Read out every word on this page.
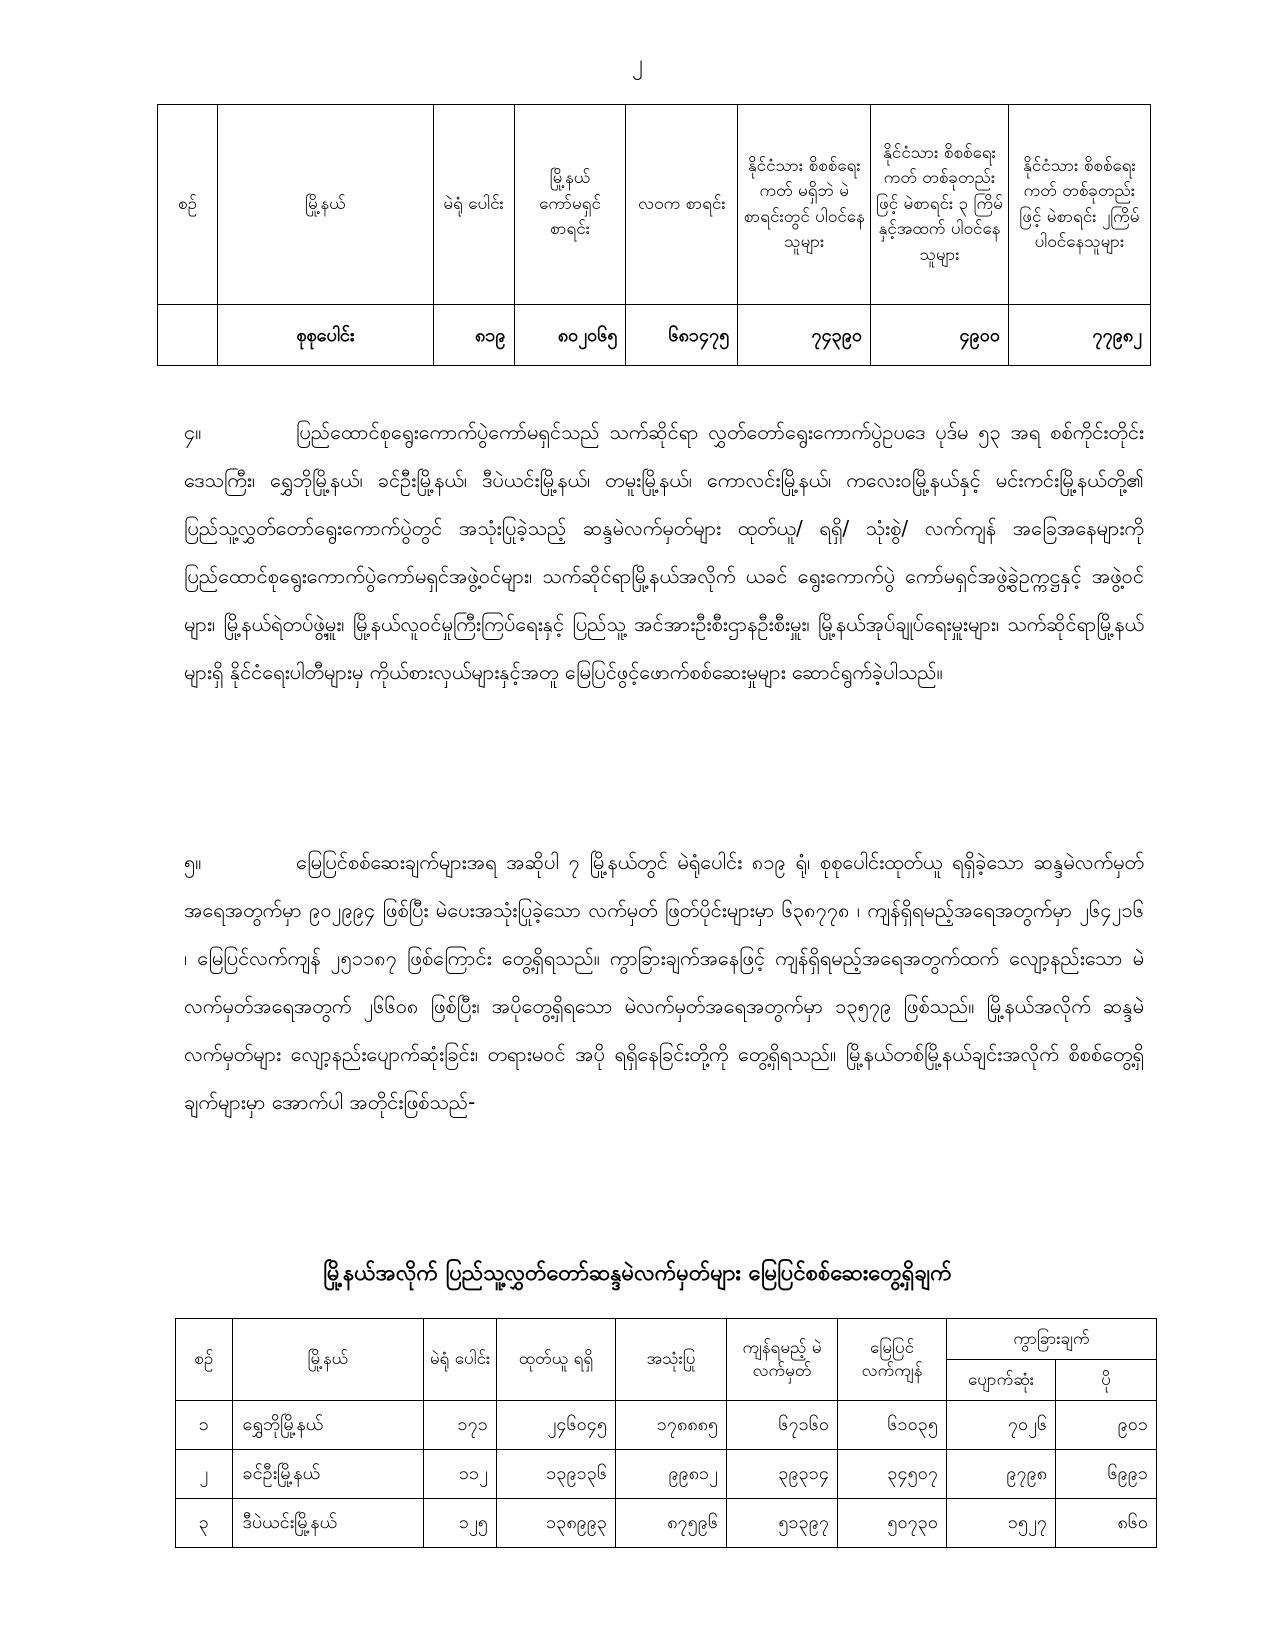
၂
စဉ်	မြို့နယ်	မဲရုံ ပေါင်း	မြို့နယ် ကော်မရှင် စာရင်း	လဝက စာရင်း	နိုင်ငံသား စိစစ်ရေးကတ် မရှိဘဲ မဲစာရင်းတွင် ပါဝင်နေသူများ	နိုင်ငံသား စိစစ်ရေးကတ် တစ်ခုတည်းဖြင့် မဲစာရင်း ၃ ကြိမ် နှင့်အထက် ပါဝင်နေသူများ	နိုင်ငံသား စိစစ်ရေးကတ် တစ်ခုတည်းဖြင့် မဲစာရင်း ၂ကြိမ် ပါဝင်နေသူများ
	စုစုပေါင်း	၈၁၉	၈၀၂၀၆၅	၆၈၁၄၇၅	၇၄၃၉၀	၄၉၀၀	၇၇၉၈၂

၄။	ပြည်ထောင်စုရွေးကောက်ပွဲကော်မရှင်သည် သက်ဆိုင်ရာ လွှတ်တော်ရွေးကောက်ပွဲဥပဒေ ပုဒ်မ ၅၃ အရ စစ်ကိုင်းတိုင်းဒေသကြီး၊ ရွှေဘိုမြို့နယ်၊ ခင်ဦးမြို့နယ်၊ ဒီပဲယင်းမြို့နယ်၊ တမူးမြို့နယ်၊ ကောလင်းမြို့နယ်၊ ကလေးဝမြို့နယ်နှင့် မင်းကင်းမြို့နယ်တို့၏ ပြည်သူ့လွှတ်တော်ရွေးကောက်ပွဲတွင် အသုံးပြုခဲ့သည့် ဆန္ဒမဲလက်မှတ်များ ထုတ်ယူ/ ရရှိ/ သုံးစွဲ/ လက်ကျန် အခြေအနေများကို ပြည်ထောင်စုရွေးကောက်ပွဲကော်မရှင်အဖွဲ့ဝင်များ၊ သက်ဆိုင်ရာမြို့နယ်အလိုက် ယခင် ရွေးကောက်ပွဲ ကော်မရှင်အဖွဲ့ခွဲဥက္ကဋ္ဌနှင့် အဖွဲ့ဝင်များ၊ မြို့နယ်ရဲတပ်ဖွဲ့မှူး၊ မြို့နယ်လူဝင်မှုကြီးကြပ်ရေးနှင့် ပြည်သူ့ အင်အားဦးစီးဌာနဦးစီးမှူး၊ မြို့နယ်အုပ်ချုပ်ရေးမှူးများ၊ သက်ဆိုင်ရာမြို့နယ်များရှိ နိုင်ငံရေးပါတီများမှ ကိုယ်စားလှယ်များနှင့်အတူ မြေပြင်ဖွင့်ဖောက်စစ်ဆေးမှုများ ဆောင်ရွက်ခဲ့ပါသည်။

၅။	မြေပြင်စစ်ဆေးချက်များအရ အဆိုပါ ၇ မြို့နယ်တွင် မဲရုံပေါင်း ၈၁၉ ရုံ၊ စုစုပေါင်းထုတ်ယူ ရရှိခဲ့သော ဆန္ဒမဲလက်မှတ်အရေအတွက်မှာ ၉၀၂၉၉၄ ဖြစ်ပြီး မဲပေးအသုံးပြုခဲ့သော လက်မှတ် ဖြတ်ပိုင်းများမှာ ၆၃၈၇၇၈ ၊ ကျန်ရှိရမည့်အရေအတွက်မှာ ၂၆၄၂၁၆ ၊ မြေပြင်လက်ကျန် ၂၅၁၁၈၇ ဖြစ်ကြောင်း တွေ့ရှိရသည်။ ကွာခြားချက်အနေဖြင့် ကျန်ရှိရမည့်အရေအတွက်ထက် လျော့နည်းသော မဲလက်မှတ်အရေအတွက် ၂၆၆၀၈ ဖြစ်ပြီး၊ အပိုတွေ့ရှိရသော မဲလက်မှတ်အရေအတွက်မှာ ၁၃၅၇၉ ဖြစ်သည်။ မြို့နယ်အလိုက် ဆန္ဒမဲလက်မှတ်များ လျော့နည်းပျောက်ဆုံးခြင်း၊ တရားမဝင် အပို ရရှိနေခြင်းတို့ကို တွေ့ရှိရသည်။ မြို့နယ်တစ်မြို့နယ်ချင်းအလိုက် စိစစ်တွေ့ရှိချက်များမှာ အောက်ပါ အတိုင်းဖြစ်သည်-

မြို့နယ်အလိုက် ပြည်သူ့လွှတ်တော်ဆန္ဒမဲလက်မှတ်များ မြေပြင်စစ်ဆေးတွေ့ရှိချက်
စဉ်	မြို့နယ်	မဲရုံ ပေါင်း	ထုတ်ယူ ရရှိ	အသုံးပြု	ကျန်ရမည့် မဲလက်မှတ်	မြေပြင် လက်ကျန်	ကွာခြားချက်	
							ပျောက်ဆုံး	ပို
၁	ရွှေဘိုမြို့နယ်	၁၇၁	၂၄၆၀၄၅	၁၇၈၈၈၅	၆၇၁၆၀	၆၁၀၃၅	၇၀၂၆	၉၀၁
၂	ခင်ဦးမြို့နယ်	၁၁၂	၁၃၉၁၃၆	၉၉၈၁၂	၃၉၃၁၄	၃၄၅၀၇	၉၇၉၈	၆၉၉၁
၃	ဒီပဲယင်းမြို့နယ်	၁၂၅	၁၃၈၉၉၃	၈၇၅၉၆	၅၁၃၉၇	၅၀၇၃၀	၁၅၂၇	၈၆၀
